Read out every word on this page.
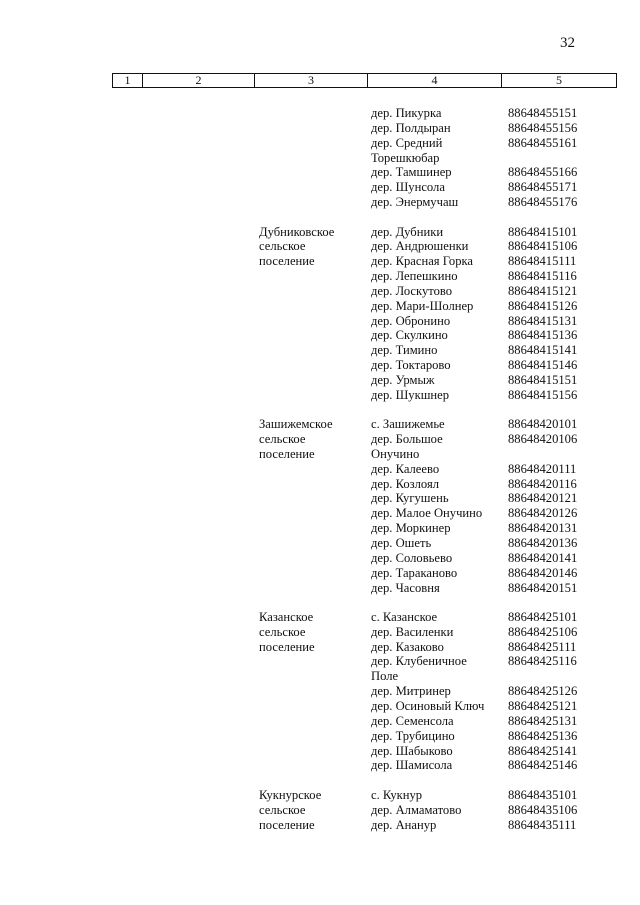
32
1	2	3	4	5
дер. Пикурка	88648455151
дер. Полдыран	88648455156
дер. Средний	88648455161
Торешкюбар
дер. Тамшинер	88648455166
дер. Шунсола	88648455171
дер. Энермучаш	88648455176
Дубниковское
сельское
поселение
дер. Дубники	88648415101
дер. Андрюшенки	88648415106
дер. Красная Горка	88648415111
дер. Лепешкино	88648415116
дер. Лоскутово	88648415121
дер. Мари-Шолнер	88648415126
дер. Обронино	88648415131
дер. Скулкино	88648415136
дер. Тимино	88648415141
дер. Токтарово	88648415146
дер. Урмыж	88648415151
дер. Шукшнер	88648415156
Зашижемское
сельское
поселение
с. Зашижемье	88648420101
дер. Большое	88648420106
Онучино
дер. Калеево	88648420111
дер. Козлоял	88648420116
дер. Кугушень	88648420121
дер. Малое Онучино 88648420126
дер. Моркинер	88648420131
дер. Ошеть	88648420136
дер. Соловьево	88648420141
дер. Тараканово	88648420146
дер. Часовня	88648420151
Казанское
сельское
поселение
с. Казанское	88648425101
дер. Василенки	88648425106
дер. Казаково	88648425111
дер. Клубеничное	88648425116
Поле
дер. Митринер	88648425126
дер. Осиновый Ключ 88648425121
дер. Семенсола	88648425131
дер. Трубицино	88648425136
дер. Шабыково	88648425141
дер. Шамисола	88648425146
Кукнурское
сельское
поселение
с. Кукнур	88648435101
дер. Алмаматово	88648435106
дер. Ананур	88648435111
